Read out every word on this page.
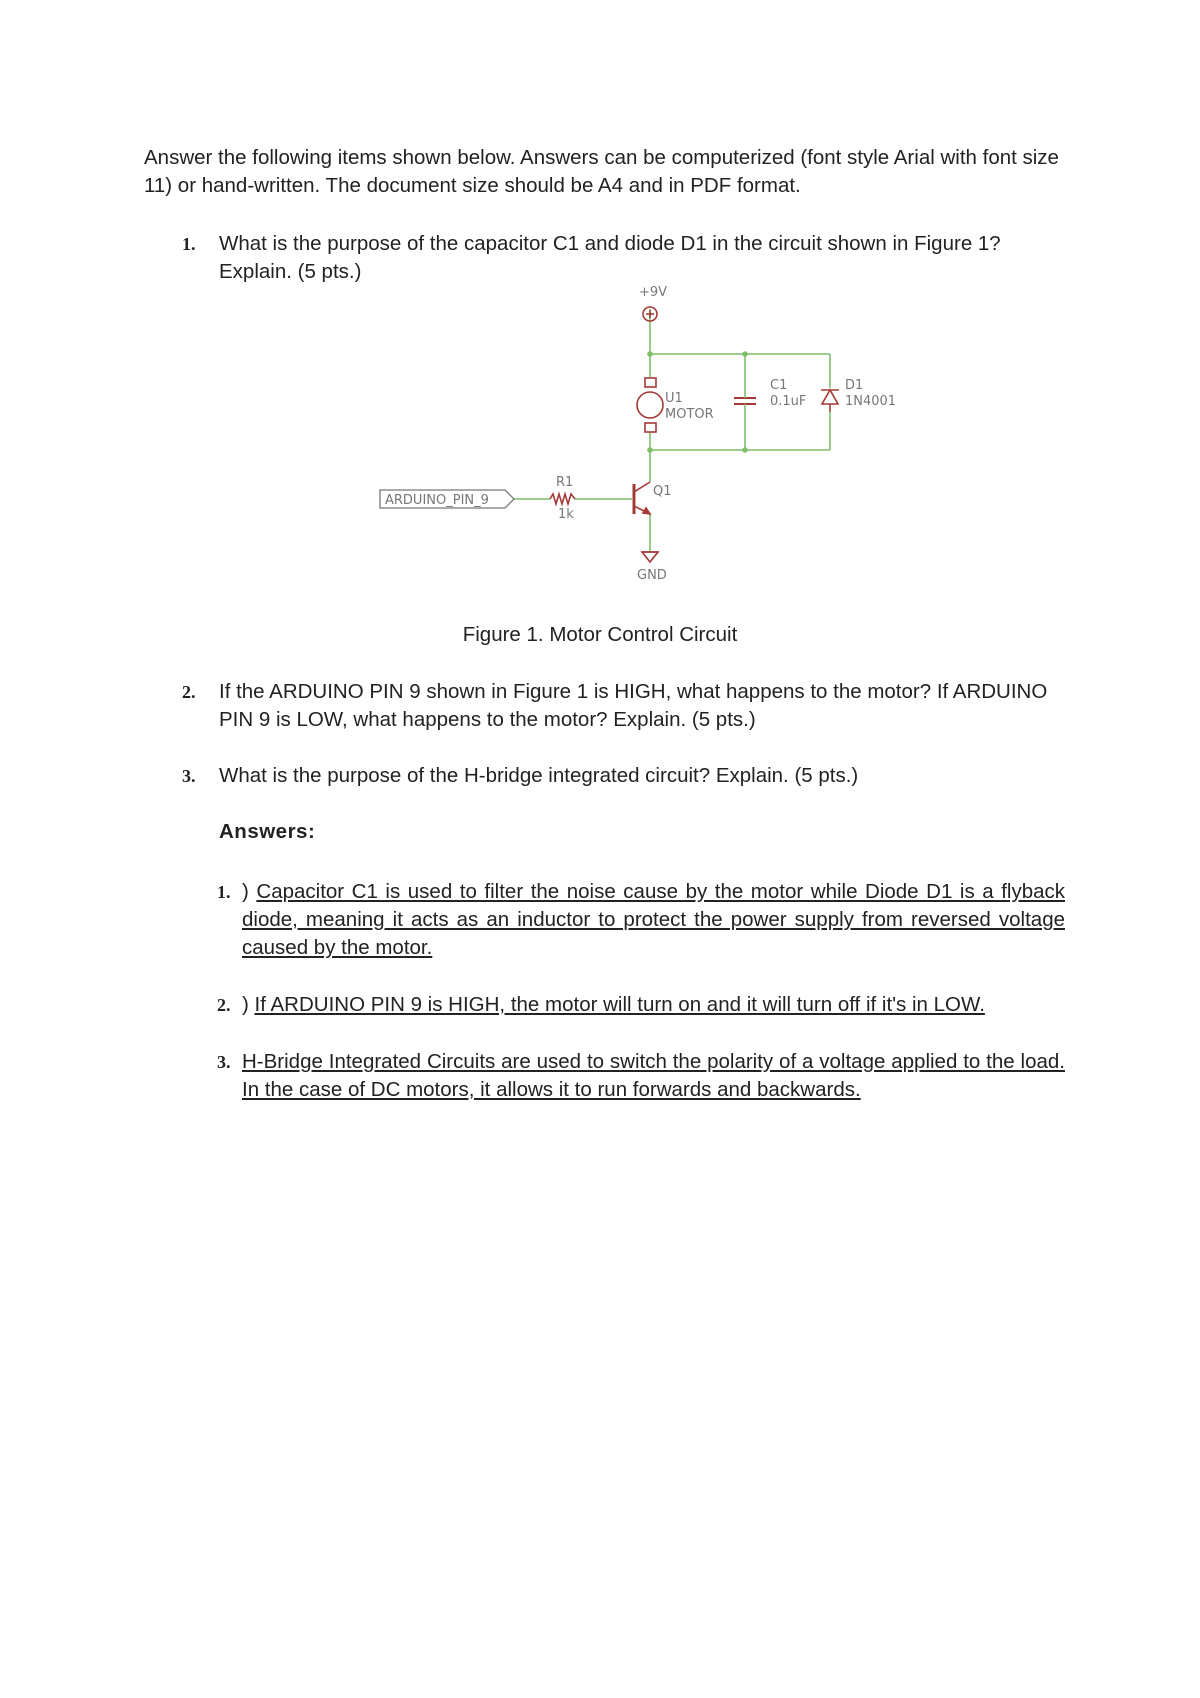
Answer the following items shown below. Answers can be computerized (font style Arial with font size 11) or hand-written. The document size should be A4 and in PDF format.

1. What is the purpose of the capacitor C1 and diode D1 in the circuit shown in Figure 1? Explain. (5 pts.)
+9V
U1
MOTOR
C1
0.1uF
D1
1N4001
ARDUINO_PIN_9
R1
1k
Q1
GND
Figure 1. Motor Control Circuit
2. If the ARDUINO PIN 9 shown in Figure 1 is HIGH, what happens to the motor? If ARDUINO PIN 9 is LOW, what happens to the motor? Explain. (5 pts.)
3. What is the purpose of the H-bridge integrated circuit? Explain. (5 pts.)
Answers:
1. ) Capacitor C1 is used to filter the noise cause by the motor while Diode D1 is a flyback diode, meaning it acts as an inductor to protect the power supply from reversed voltage caused by the motor.
2. ) If ARDUINO PIN 9 is HIGH, the motor will turn on and it will turn off if it's in LOW.
3. H-Bridge Integrated Circuits are used to switch the polarity of a voltage applied to the load. In the case of DC motors, it allows it to run forwards and backwards.
